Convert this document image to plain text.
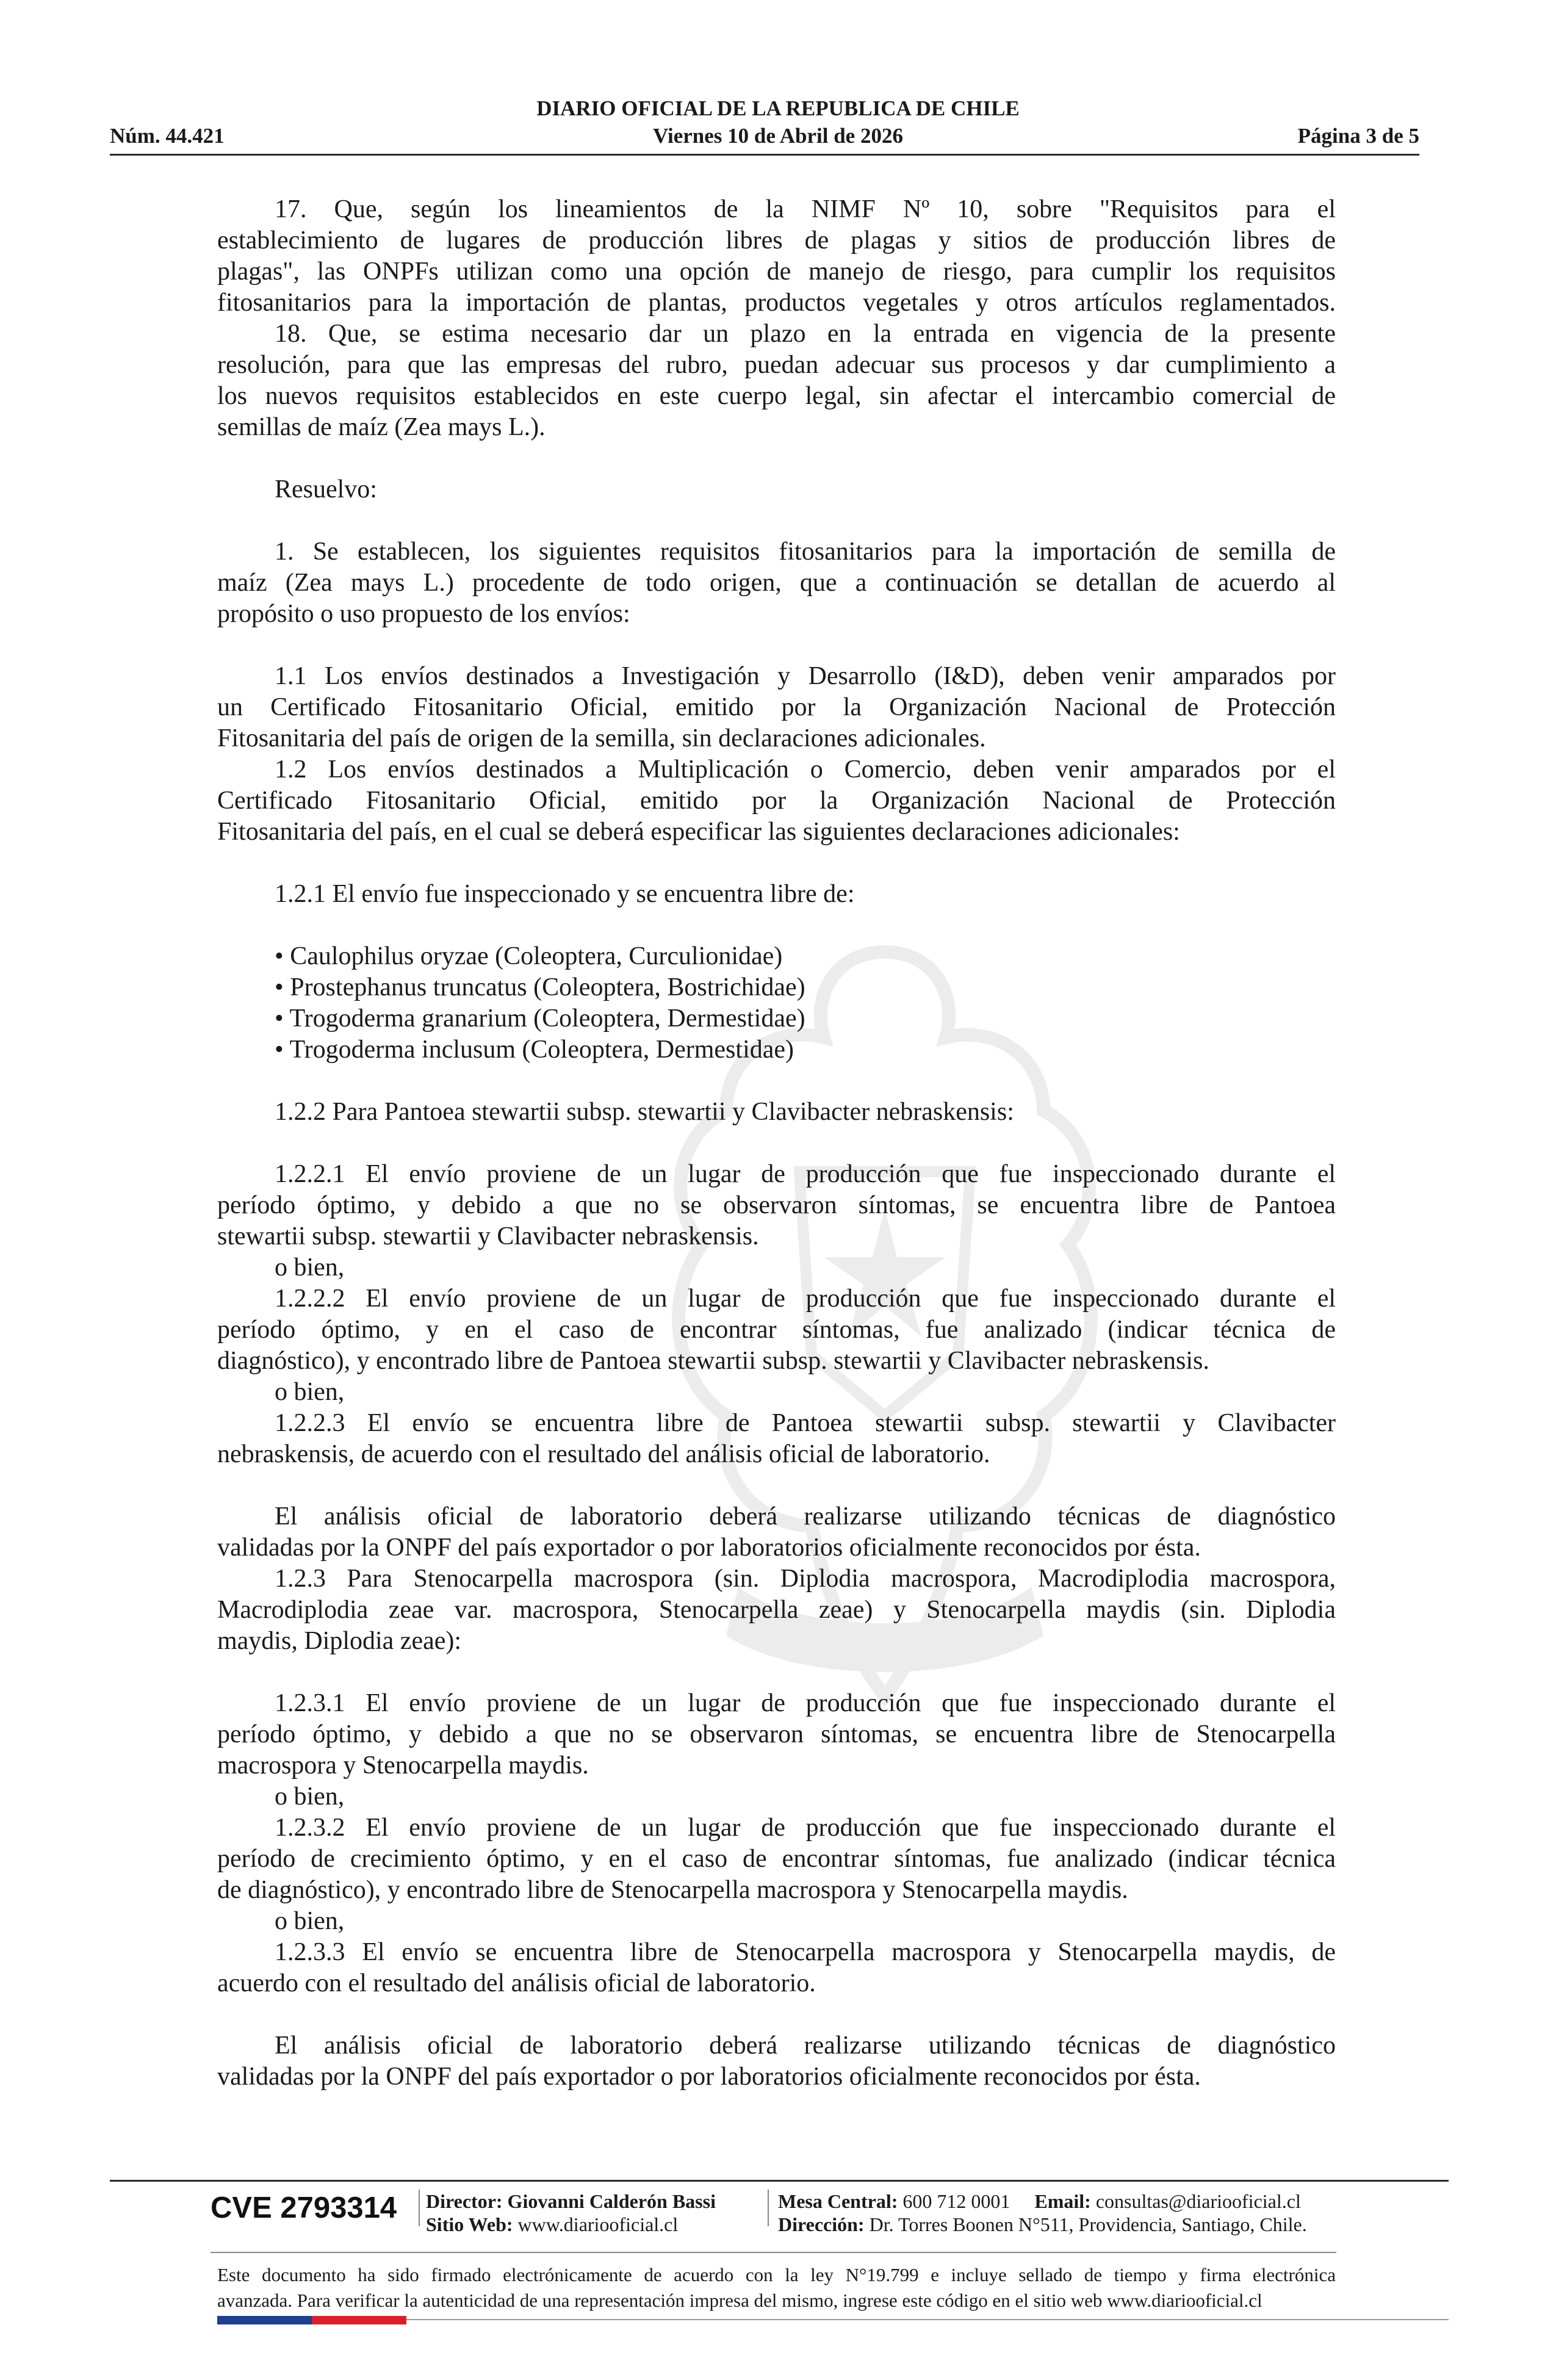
DIARIO OFICIAL DE LA REPUBLICA DE CHILE
Núm. 44.421	Viernes 10 de Abril de 2026	Página 3 de 5
17. Que, según los lineamientos de la NIMF Nº 10, sobre "Requisitos para el
establecimiento de lugares de producción libres de plagas y sitios de producción libres de
plagas", las ONPFs utilizan como una opción de manejo de riesgo, para cumplir los requisitos
fitosanitarios para la importación de plantas, productos vegetales y otros artículos reglamentados.
18. Que, se estima necesario dar un plazo en la entrada en vigencia de la presente
resolución, para que las empresas del rubro, puedan adecuar sus procesos y dar cumplimiento a
los nuevos requisitos establecidos en este cuerpo legal, sin afectar el intercambio comercial de
semillas de maíz (Zea mays L.).
Resuelvo:
1. Se establecen, los siguientes requisitos fitosanitarios para la importación de semilla de
maíz (Zea mays L.) procedente de todo origen, que a continuación se detallan de acuerdo al
propósito o uso propuesto de los envíos:
1.1 Los envíos destinados a Investigación y Desarrollo (I&D), deben venir amparados por
un Certificado Fitosanitario Oficial, emitido por la Organización Nacional de Protección
Fitosanitaria del país de origen de la semilla, sin declaraciones adicionales.
1.2 Los envíos destinados a Multiplicación o Comercio, deben venir amparados por el
Certificado Fitosanitario Oficial, emitido por la Organización Nacional de Protección
Fitosanitaria del país, en el cual se deberá especificar las siguientes declaraciones adicionales:
1.2.1 El envío fue inspeccionado y se encuentra libre de:
• Caulophilus oryzae (Coleoptera, Curculionidae)
• Prostephanus truncatus (Coleoptera, Bostrichidae)
• Trogoderma granarium (Coleoptera, Dermestidae)
• Trogoderma inclusum (Coleoptera, Dermestidae)
1.2.2 Para Pantoea stewartii subsp. stewartii y Clavibacter nebraskensis:
1.2.2.1 El envío proviene de un lugar de producción que fue inspeccionado durante el
período óptimo, y debido a que no se observaron síntomas, se encuentra libre de Pantoea
stewartii subsp. stewartii y Clavibacter nebraskensis.
o bien,
1.2.2.2 El envío proviene de un lugar de producción que fue inspeccionado durante el
período óptimo, y en el caso de encontrar síntomas, fue analizado (indicar técnica de
diagnóstico), y encontrado libre de Pantoea stewartii subsp. stewartii y Clavibacter nebraskensis.
o bien,
1.2.2.3 El envío se encuentra libre de Pantoea stewartii subsp. stewartii y Clavibacter
nebraskensis, de acuerdo con el resultado del análisis oficial de laboratorio.
El análisis oficial de laboratorio deberá realizarse utilizando técnicas de diagnóstico
validadas por la ONPF del país exportador o por laboratorios oficialmente reconocidos por ésta.
1.2.3 Para Stenocarpella macrospora (sin. Diplodia macrospora, Macrodiplodia macrospora,
Macrodiplodia zeae var. macrospora, Stenocarpella zeae) y Stenocarpella maydis (sin. Diplodia
maydis, Diplodia zeae):
1.2.3.1 El envío proviene de un lugar de producción que fue inspeccionado durante el
período óptimo, y debido a que no se observaron síntomas, se encuentra libre de Stenocarpella
macrospora y Stenocarpella maydis.
o bien,
1.2.3.2 El envío proviene de un lugar de producción que fue inspeccionado durante el
período de crecimiento óptimo, y en el caso de encontrar síntomas, fue analizado (indicar técnica
de diagnóstico), y encontrado libre de Stenocarpella macrospora y Stenocarpella maydis.
o bien,
1.2.3.3 El envío se encuentra libre de Stenocarpella macrospora y Stenocarpella maydis, de
acuerdo con el resultado del análisis oficial de laboratorio.
El análisis oficial de laboratorio deberá realizarse utilizando técnicas de diagnóstico
validadas por la ONPF del país exportador o por laboratorios oficialmente reconocidos por ésta.
CVE 2793314 Director: Giovanni Calderón Bassi
Sitio Web: www.diariooficial.cl
Mesa Central: 600 712 0001 Email: consultas@diariooficial.cl
Dirección: Dr. Torres Boonen N°511, Providencia, Santiago, Chile.
Este documento ha sido firmado electrónicamente de acuerdo con la ley N°19.799 e incluye sellado de tiempo y firma electrónica
avanzada. Para verificar la autenticidad de una representación impresa del mismo, ingrese este código en el sitio web www.diariooficial.cl
